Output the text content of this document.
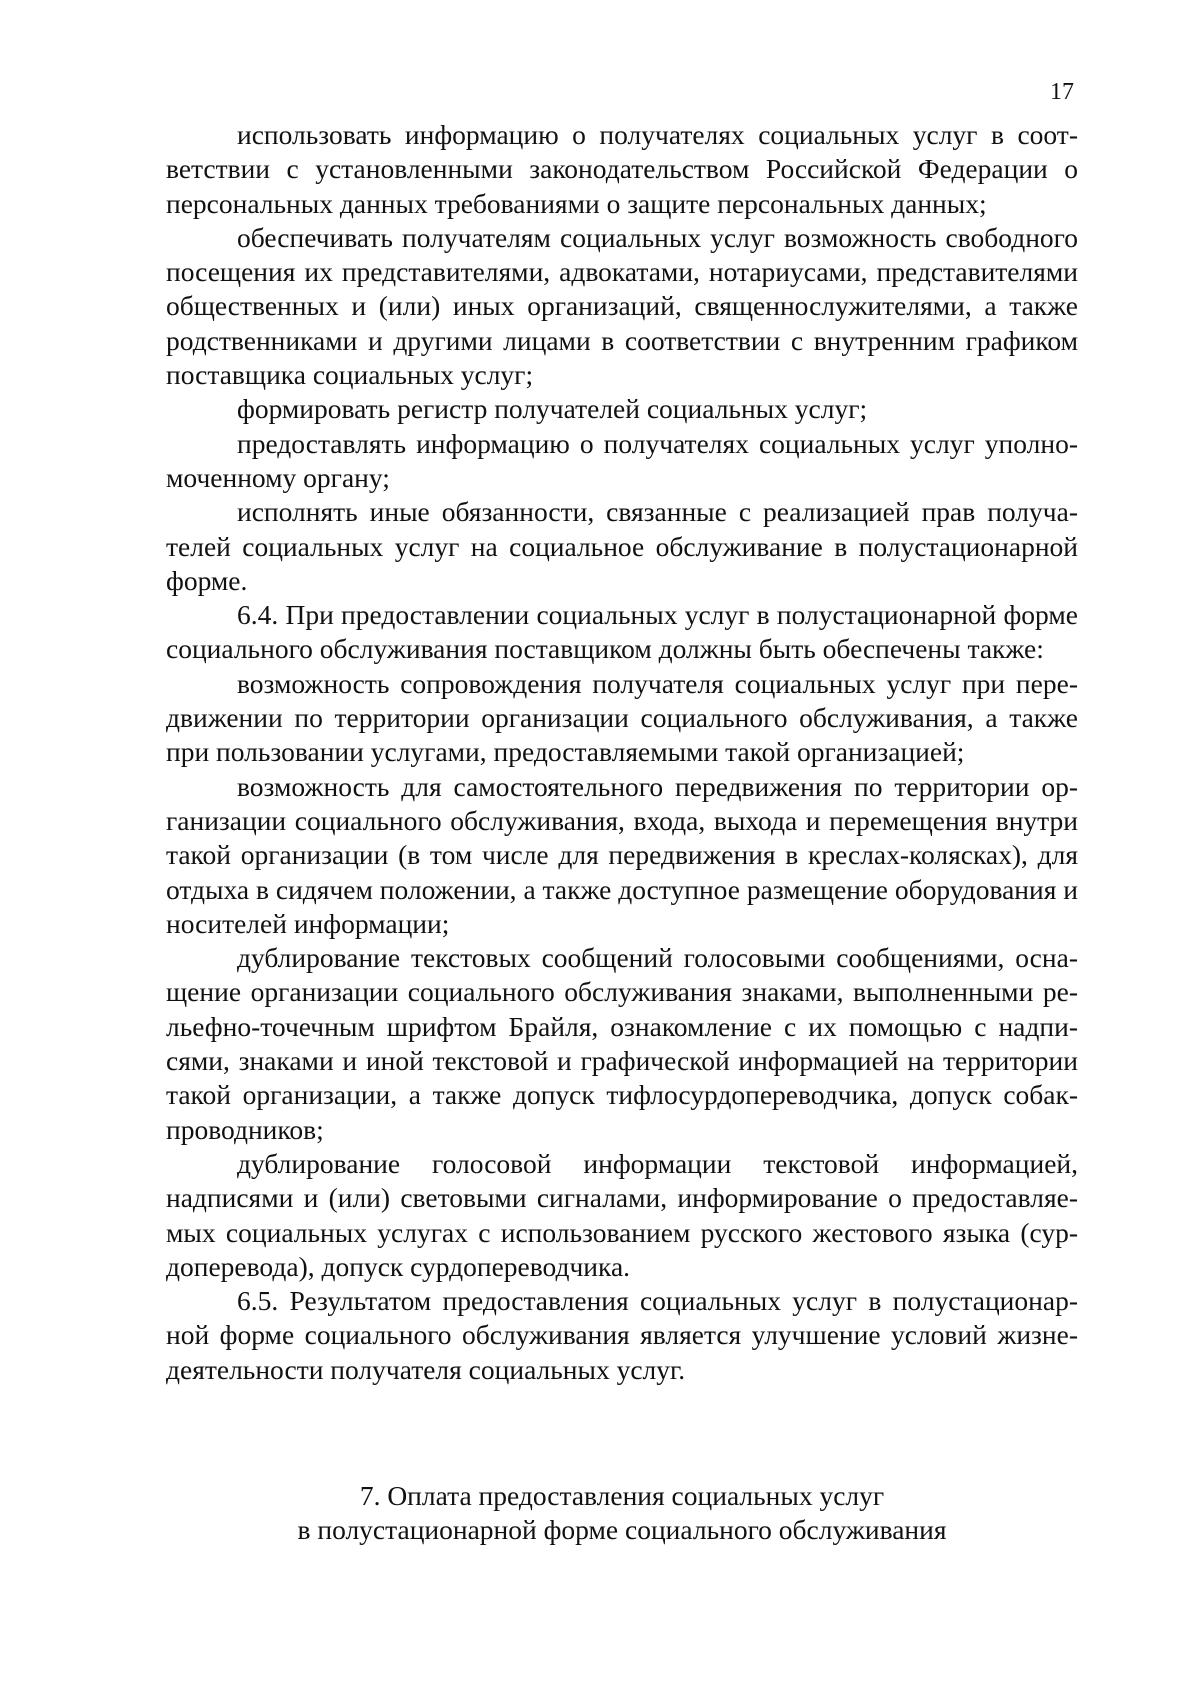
17

использовать информацию о получателях социальных услуг в соответствии с установленными законодательством Российской Федерации о персональных данных требованиями о защите персональных данных;

обеспечивать получателям социальных услуг возможность свободного посещения их представителями, адвокатами, нотариусами, представителями общественных и (или) иных организаций, священнослужителями, а также родственниками и другими лицами в соответствии с внутренним графиком поставщика социальных услуг;

формировать регистр получателей социальных услуг;

предоставлять информацию о получателях социальных услуг уполномоченному органу;

исполнять иные обязанности, связанные с реализацией прав получателей социальных услуг на социальное обслуживание в полустационарной форме.

6.4. При предоставлении социальных услуг в полустационарной форме социального обслуживания поставщиком должны быть обеспечены также:

возможность сопровождения получателя социальных услуг при передвижении по территории организации социального обслуживания, а также при пользовании услугами, предоставляемыми такой организацией;

возможность для самостоятельного передвижения по территории организации социального обслуживания, входа, выхода и перемещения внутри такой организации (в том числе для передвижения в креслах-колясках), для отдыха в сидячем положении, а также доступное размещение оборудования и носителей информации;

дублирование текстовых сообщений голосовыми сообщениями, оснащение организации социального обслуживания знаками, выполненными рельефно-точечным шрифтом Брайля, ознакомление с их помощью с надписями, знаками и иной текстовой и графической информацией на территории такой организации, а также допуск тифлосурдопереводчика, допуск собак-проводников;

дублирование голосовой информации текстовой информацией, надписями и (или) световыми сигналами, информирование о предоставляемых социальных услугах с использованием русского жестового языка (сурдоперевода), допуск сурдопереводчика.

6.5. Результатом предоставления социальных услуг в полустационарной форме социального обслуживания является улучшение условий жизнедеятельности получателя социальных услуг.

7. Оплата предоставления социальных услуг
в полустационарной форме социального обслуживания
